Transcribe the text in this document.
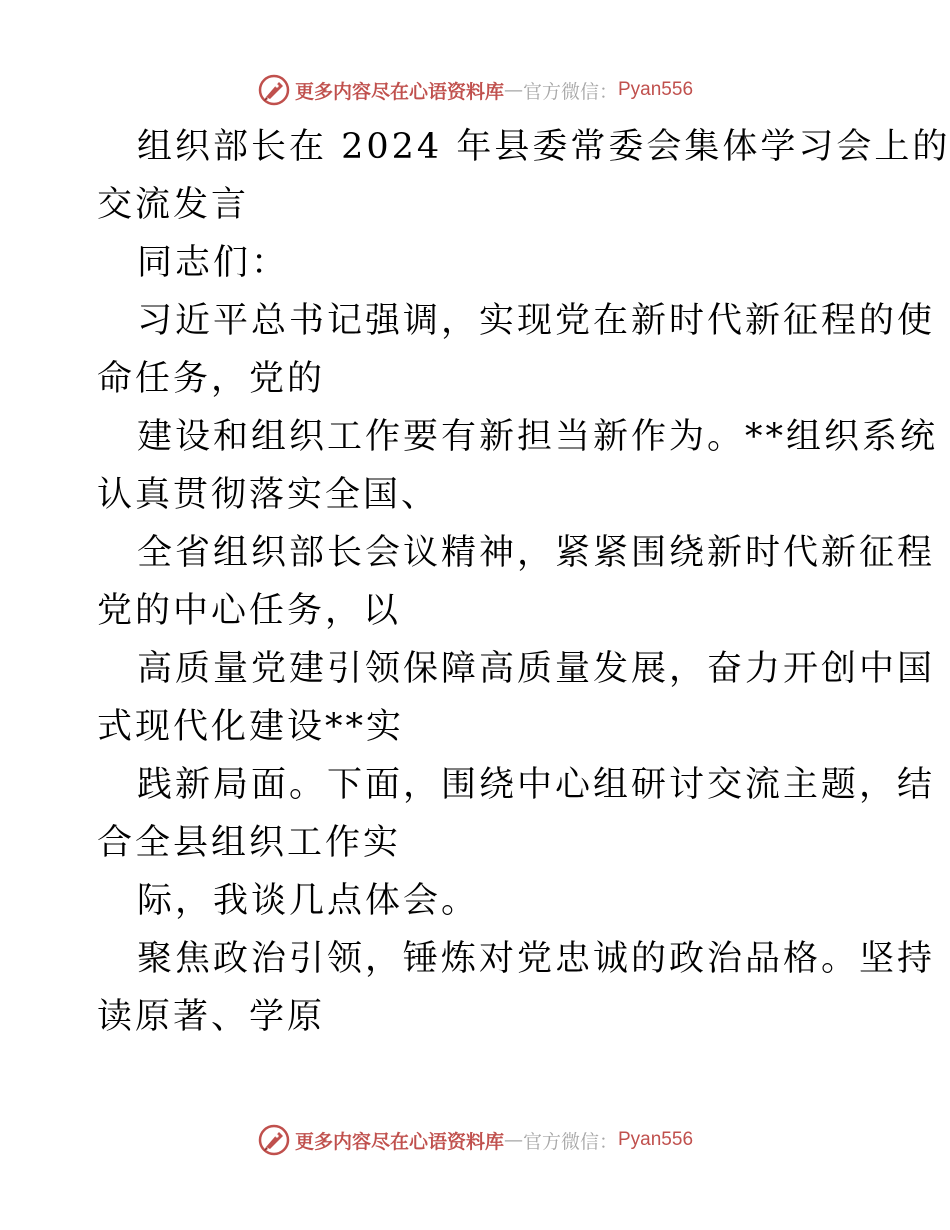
更多内容尽在心语资料库 — 官方微信： Pyan556
组织部长在 2024 年县委常委会集体学习会上的
交流发言
同志们：
习近平总书记强调，实现党在新时代新征程的使
命任务，党的
建设和组织工作要有新担当新作为。**组织系统
认真贯彻落实全国、
全省组织部长会议精神，紧紧围绕新时代新征程
党的中心任务，以
高质量党建引领保障高质量发展，奋力开创中国
式现代化建设**实
践新局面。下面，围绕中心组研讨交流主题，结
合全县组织工作实
际，我谈几点体会。
聚焦政治引领，锤炼对党忠诚的政治品格。坚持
读原著、学原
更多内容尽在心语资料库 — 官方微信： Pyan556
